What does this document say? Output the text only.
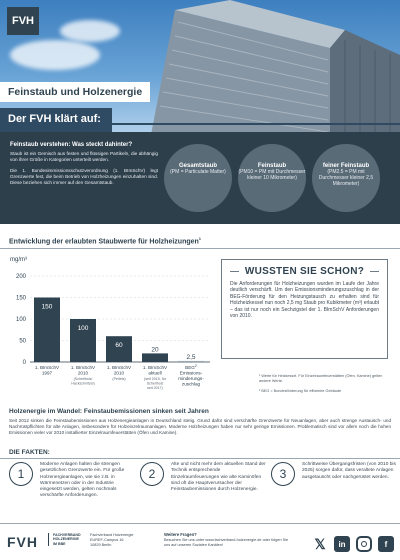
FVH
Feinstaub und Holzenergie
Der FVH klärt auf:
Feinstaub verstehen: Was steckt dahinter?

Staub ist ein Gemisch aus festen und flüssigen Partikeln, die abhängig von ihrer Größe in Kategorien unterteilt werden.

Die 1. Bundesimmissionsschutzverordnung (1. BImSchV) legt Grenzwerte fest, die beim Betrieb von Holzheizungen einzuhalten sind. Diese beziehen sich immer auf den Gesamtstaub.

Gesamtstaub
(PM = Particulate Matter)
Feinstaub
(PM10 = PM mit Durchmesser kleiner 10 Mikrometer)
feiner Feinstaub
(PM2.5 = PM mit Durchmesser kleiner 2,5 Mikrometer)
Entwicklung der erlaubten Staubwerte für Holzheizungen$^1$
mg/m³
0
50
100
150
200
150
1. BImSchV
1997
100
1. BImSchV
2010
(Scheitholz/
Hackschnitzel)
60
1. BImSchV
2010
(Pellets)
20
1. BImSchV
aktuell
(seit 2015, für
Scheitholz
seit 2017)
2,5
BEG$^2$
Emissions-
minderungs-
zuschlag
WUSSTEN SIE SCHON?
Die Anforderungen für Holzheizungen wurden im Laufe der Jahre deutlich verschärft. Um den Emissionsminderungszuschlag in der BEG-Förderung für den Heizungstausch zu erhalten sind für Holzheizkessel nun noch 2,5 mg Staub pro Kubikmeter (m³) erlaubt – das ist nur noch ein Sechzigstel der 1. BImSchV Anforderungen von 2010.
¹ Werte für Heizkessel. Für Einzelraumfeuerstätten (Öfen, Kamine) gelten andere Werte.
² BEG = Bundesförderung für effiziente Gebäude
Holzenergie im Wandel: Feinstaubemissionen sinken seit Jahren
Seit 2012 sinken die Feinstaubemissionen aus Holzenergieanlagen in Deutschland stetig. Grund dafür sind verschärfte Grenzwerte für Neuanlagen, aber auch strenge Austausch- und Nachrüstpflichten für alte Anlagen, insbesondere für Holzeinzelraumanlagen. Moderne Holzheizungen haben nur sehr geringe Emissionen. Problematisch sind vor allem noch die hohen Emissionen vieler vor 2010 installierter Einzelraumfeuerstätten (Öfen und Kamine).
DIE FAKTEN:
1
Moderne Anlagen halten die strengen gesetzlichen Grenzwerte ein. Für große Holzenergieanlagen, wie sie z.B. in Wärmenetzen oder in der Industrie eingesetzt werden, gelten nochmals verschärfte Anforderungen.
2
Alte und nicht mehr dem aktuellen Stand der Technik entsprechende Einzelraumfeuerungen wie alte Kaminöfen sind oft die Hauptverursacher der Feinstaubemissionen durch Holzenergie.
3
Schrittweise Übergangsfristen (von 2010 bis 2025) sorgen dafür, dass veraltete Anlagen ausgetauscht oder nachgerüstet werden.
FVH	FACHVERBAND
HOLZENERGIE
IM BBE
Fachverband Holzenergie
EUREF-Campus 16
10829 Berlin
Weitere Fragen?
Besuchen Sie uns unter www.fachverband-holzenergie.de oder folgen Sie uns auf unseren Sozialen Kanälen!	𝕏	in	f
